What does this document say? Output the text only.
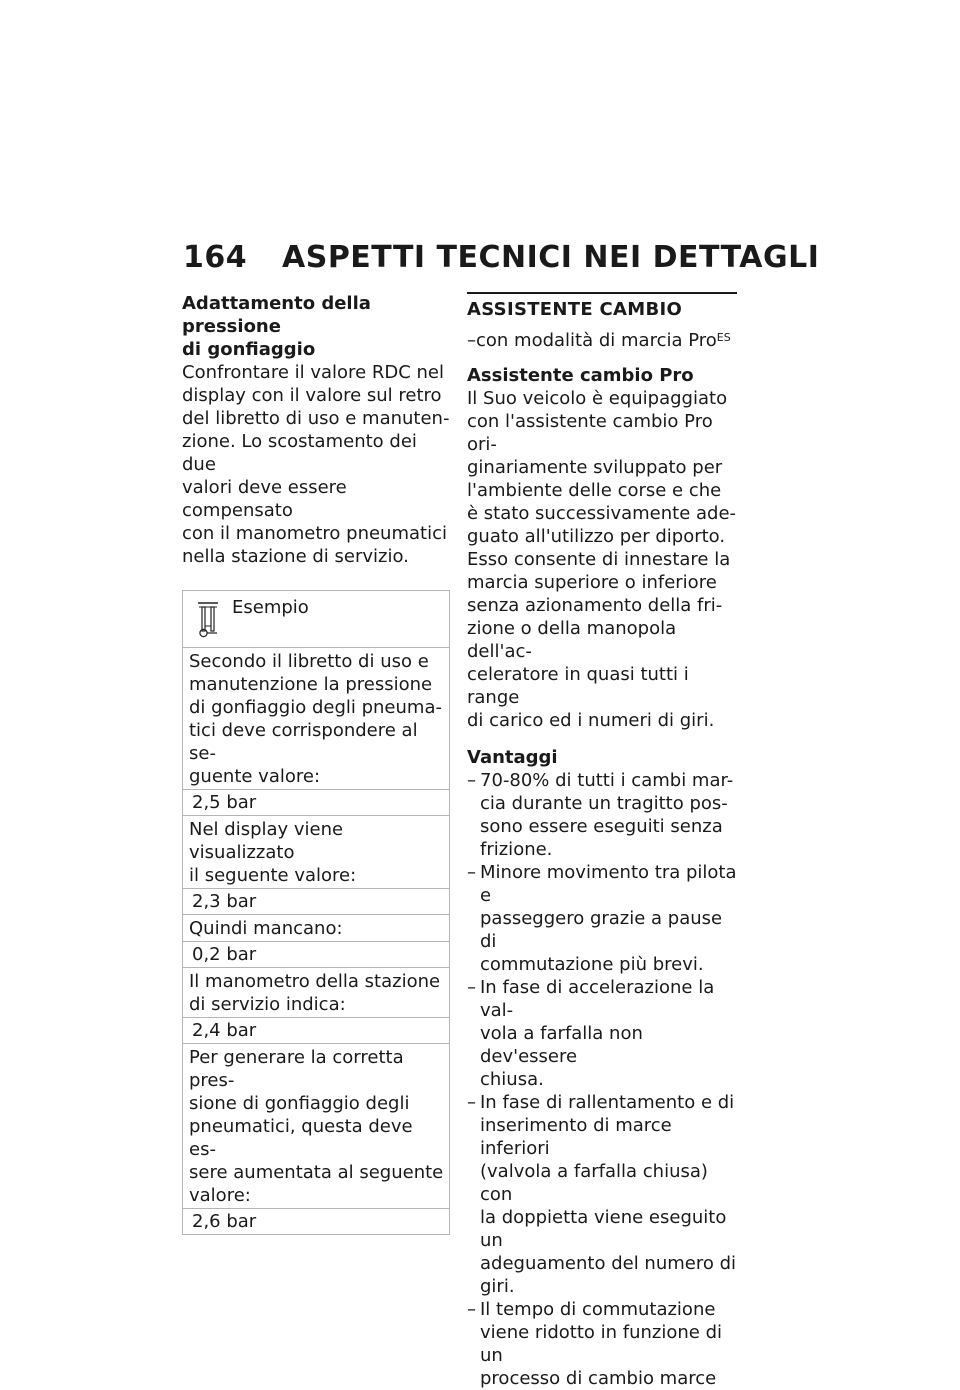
164	ASPETTI TECNICI NEI DETTAGLI

Adattamento della pressione
di gonfiaggio

Confrontare il valore RDC nel
display con il valore sul retro
del libretto di uso e manuten-
zione. Lo scostamento dei due
valori deve essere compensato
con il manometro pneumatici
nella stazione di servizio.

Esempio
Secondo il libretto di uso e
manutenzione la pressione
di gonfiaggio degli pneuma-
tici deve corrispondere al se-
guente valore:
2,5 bar
Nel display viene visualizzato
il seguente valore:
2,3 bar
Quindi mancano:
0,2 bar
Il manometro della stazione
di servizio indica:
2,4 bar
Per generare la corretta pres-
sione di gonfiaggio degli
pneumatici, questa deve es-
sere aumentata al seguente
valore:
2,6 bar
ASSISTENTE CAMBIO

–con modalità di marcia Pro$^{ES}$

Assistente cambio Pro

Il Suo veicolo è equipaggiato
con l'assistente cambio Pro ori-
ginariamente sviluppato per
l'ambiente delle corse e che
è stato successivamente ade-
guato all'utilizzo per diporto.
Esso consente di innestare la
marcia superiore o inferiore
senza azionamento della fri-
zione o della manopola dell'ac-
celeratore in quasi tutti i range
di carico ed i numeri di giri.

Vantaggi

– 70-80% di tutti i cambi mar-
cia durante un tragitto pos-
sono essere eseguiti senza
frizione.
– Minore movimento tra pilota e
passeggero grazie a pause di
commutazione più brevi.
– In fase di accelerazione la val-
vola a farfalla non dev'essere
chiusa.
– In fase di rallentamento e di
inserimento di marce inferiori
(valvola a farfalla chiusa) con
la doppietta viene eseguito un
adeguamento del numero di
giri.
– Il tempo di commutazione
viene ridotto in funzione di un
processo di cambio marce
